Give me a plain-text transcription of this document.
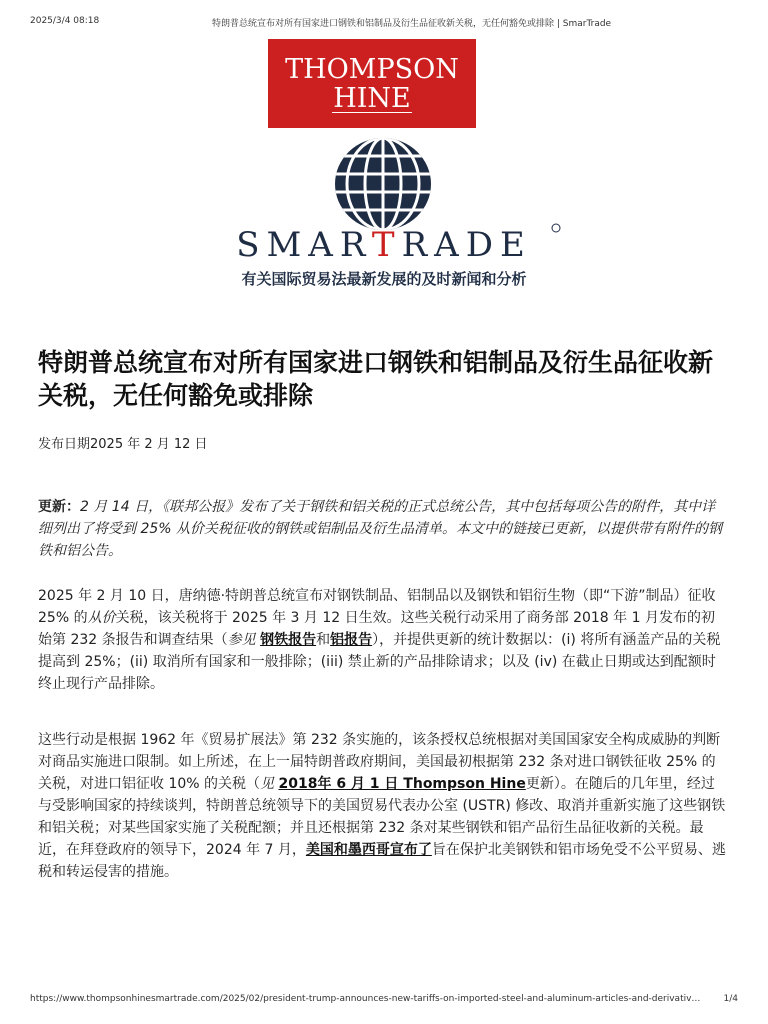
2025/3/4 08:18	特朗普总统宣布对所有国家进口钢铁和铝制品及衍生品征收新关税，无任何豁免或排除 | SmarTrade
THOMPSON
HINE
SMARTRADE
有关国际贸易法最新发展的及时新闻和分析
特朗普总统宣布对所有国家进口钢铁和铝制品及衍生品征收新关税，无任何豁免或排除
发布日期2025 年 2 月 12 日

更新：2 月 14 日，《联邦公报》发布了关于钢铁和铝关税的正式总统公告，其中包括每项公告的附件，其中详细列出了将受到 25% 从价关税征收的钢铁或铝制品及衍生品清单。本文中的链接已更新，以提供带有附件的钢铁和铝公告。

2025 年 2 月 10 日，唐纳德·特朗普总统宣布对钢铁制品、铝制品以及钢铁和铝衍生物（即“下游”制品）征收 25% 的从价关税，该关税将于 2025 年 3 月 12 日生效。这些关税行动采用了商务部 2018 年 1 月发布的初始第 232 条报告和调查结果（参见 钢铁报告和铝报告），并提供更新的统计数据以：(i) 将所有涵盖产品的关税提高到 25%；(ii) 取消所有国家和一般排除；(iii) 禁止新的产品排除请求；以及 (iv) 在截止日期或达到配额时终止现行产品排除。

这些行动是根据 1962 年《贸易扩展法》第 232 条实施的，该条授权总统根据对美国国家安全构成威胁的判断对商品实施进口限制。如上所述，在上一届特朗普政府期间，美国最初根据第 232 条对进口钢铁征收 25% 的关税，对进口铝征收 10% 的关税（见 2018年 6 月 1 日 Thompson Hine更新）。在随后的几年里，经过与受影响国家的持续谈判，特朗普总统领导下的美国贸易代表办公室 (USTR) 修改、取消并重新实施了这些钢铁和铝关税；对某些国家实施了关税配额；并且还根据第 232 条对某些钢铁和铝产品衍生品征收新的关税。最近，在拜登政府的领导下，2024 年 7 月，美国和墨西哥宣布了旨在保护北美钢铁和铝市场免受不公平贸易、逃税和转运侵害的措施。

https://www.thompsonhinesmartrade.com/2025/02/president-trump-announces-new-tariffs-on-imported-steel-and-aluminum-articles-and-derivativ…	1/4
